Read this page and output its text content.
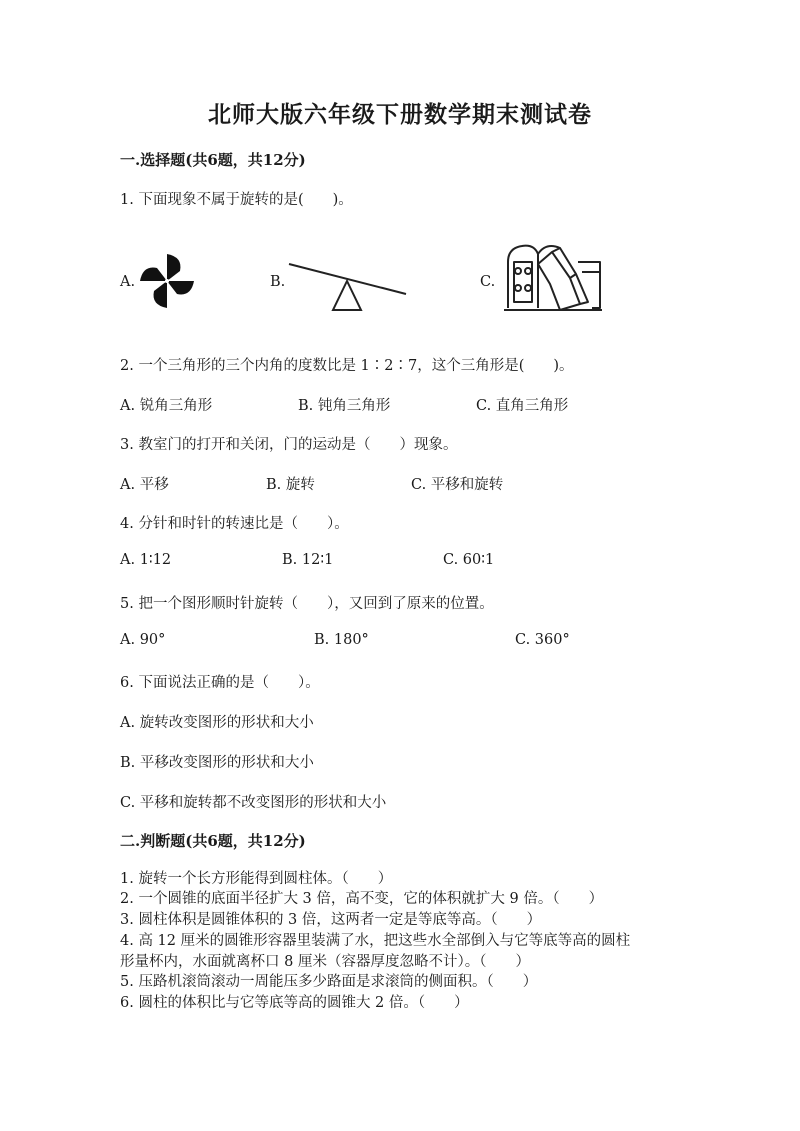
北师大版六年级下册数学期末测试卷
一.选择题(共6题，共12分)
1. 下面现象不属于旋转的是(　　)。
A.	B.	C.
2. 一个三角形的三个内角的度数比是 1∶2∶7，这个三角形是(　　)。
A. 锐角三角形	B. 钝角三角形	C. 直角三角形
3. 教室门的打开和关闭，门的运动是（　　）现象。
A. 平移	B. 旋转	C. 平移和旋转
4. 分针和时针的转速比是（　　）。
A. 1∶12	B. 12∶1	C. 60∶1
5. 把一个图形顺时针旋转（　　），又回到了原来的位置。
A. 90°	B. 180°	C. 360°
6. 下面说法正确的是（　　）。
A. 旋转改变图形的形状和大小
B. 平移改变图形的形状和大小
C. 平移和旋转都不改变图形的形状和大小
二.判断题(共6题，共12分)
1. 旋转一个长方形能得到圆柱体。（　　）
2. 一个圆锥的底面半径扩大 3 倍，高不变，它的体积就扩大 9 倍。（　　）
3. 圆柱体积是圆锥体积的 3 倍，这两者一定是等底等高。（　　）
4. 高 12 厘米的圆锥形容器里装满了水，把这些水全部倒入与它等底等高的圆柱
形量杯内，水面就离杯口 8 厘米（容器厚度忽略不计）。（　　）
5. 压路机滚筒滚动一周能压多少路面是求滚筒的侧面积。（　　）
6. 圆柱的体积比与它等底等高的圆锥大 2 倍。（　　）
